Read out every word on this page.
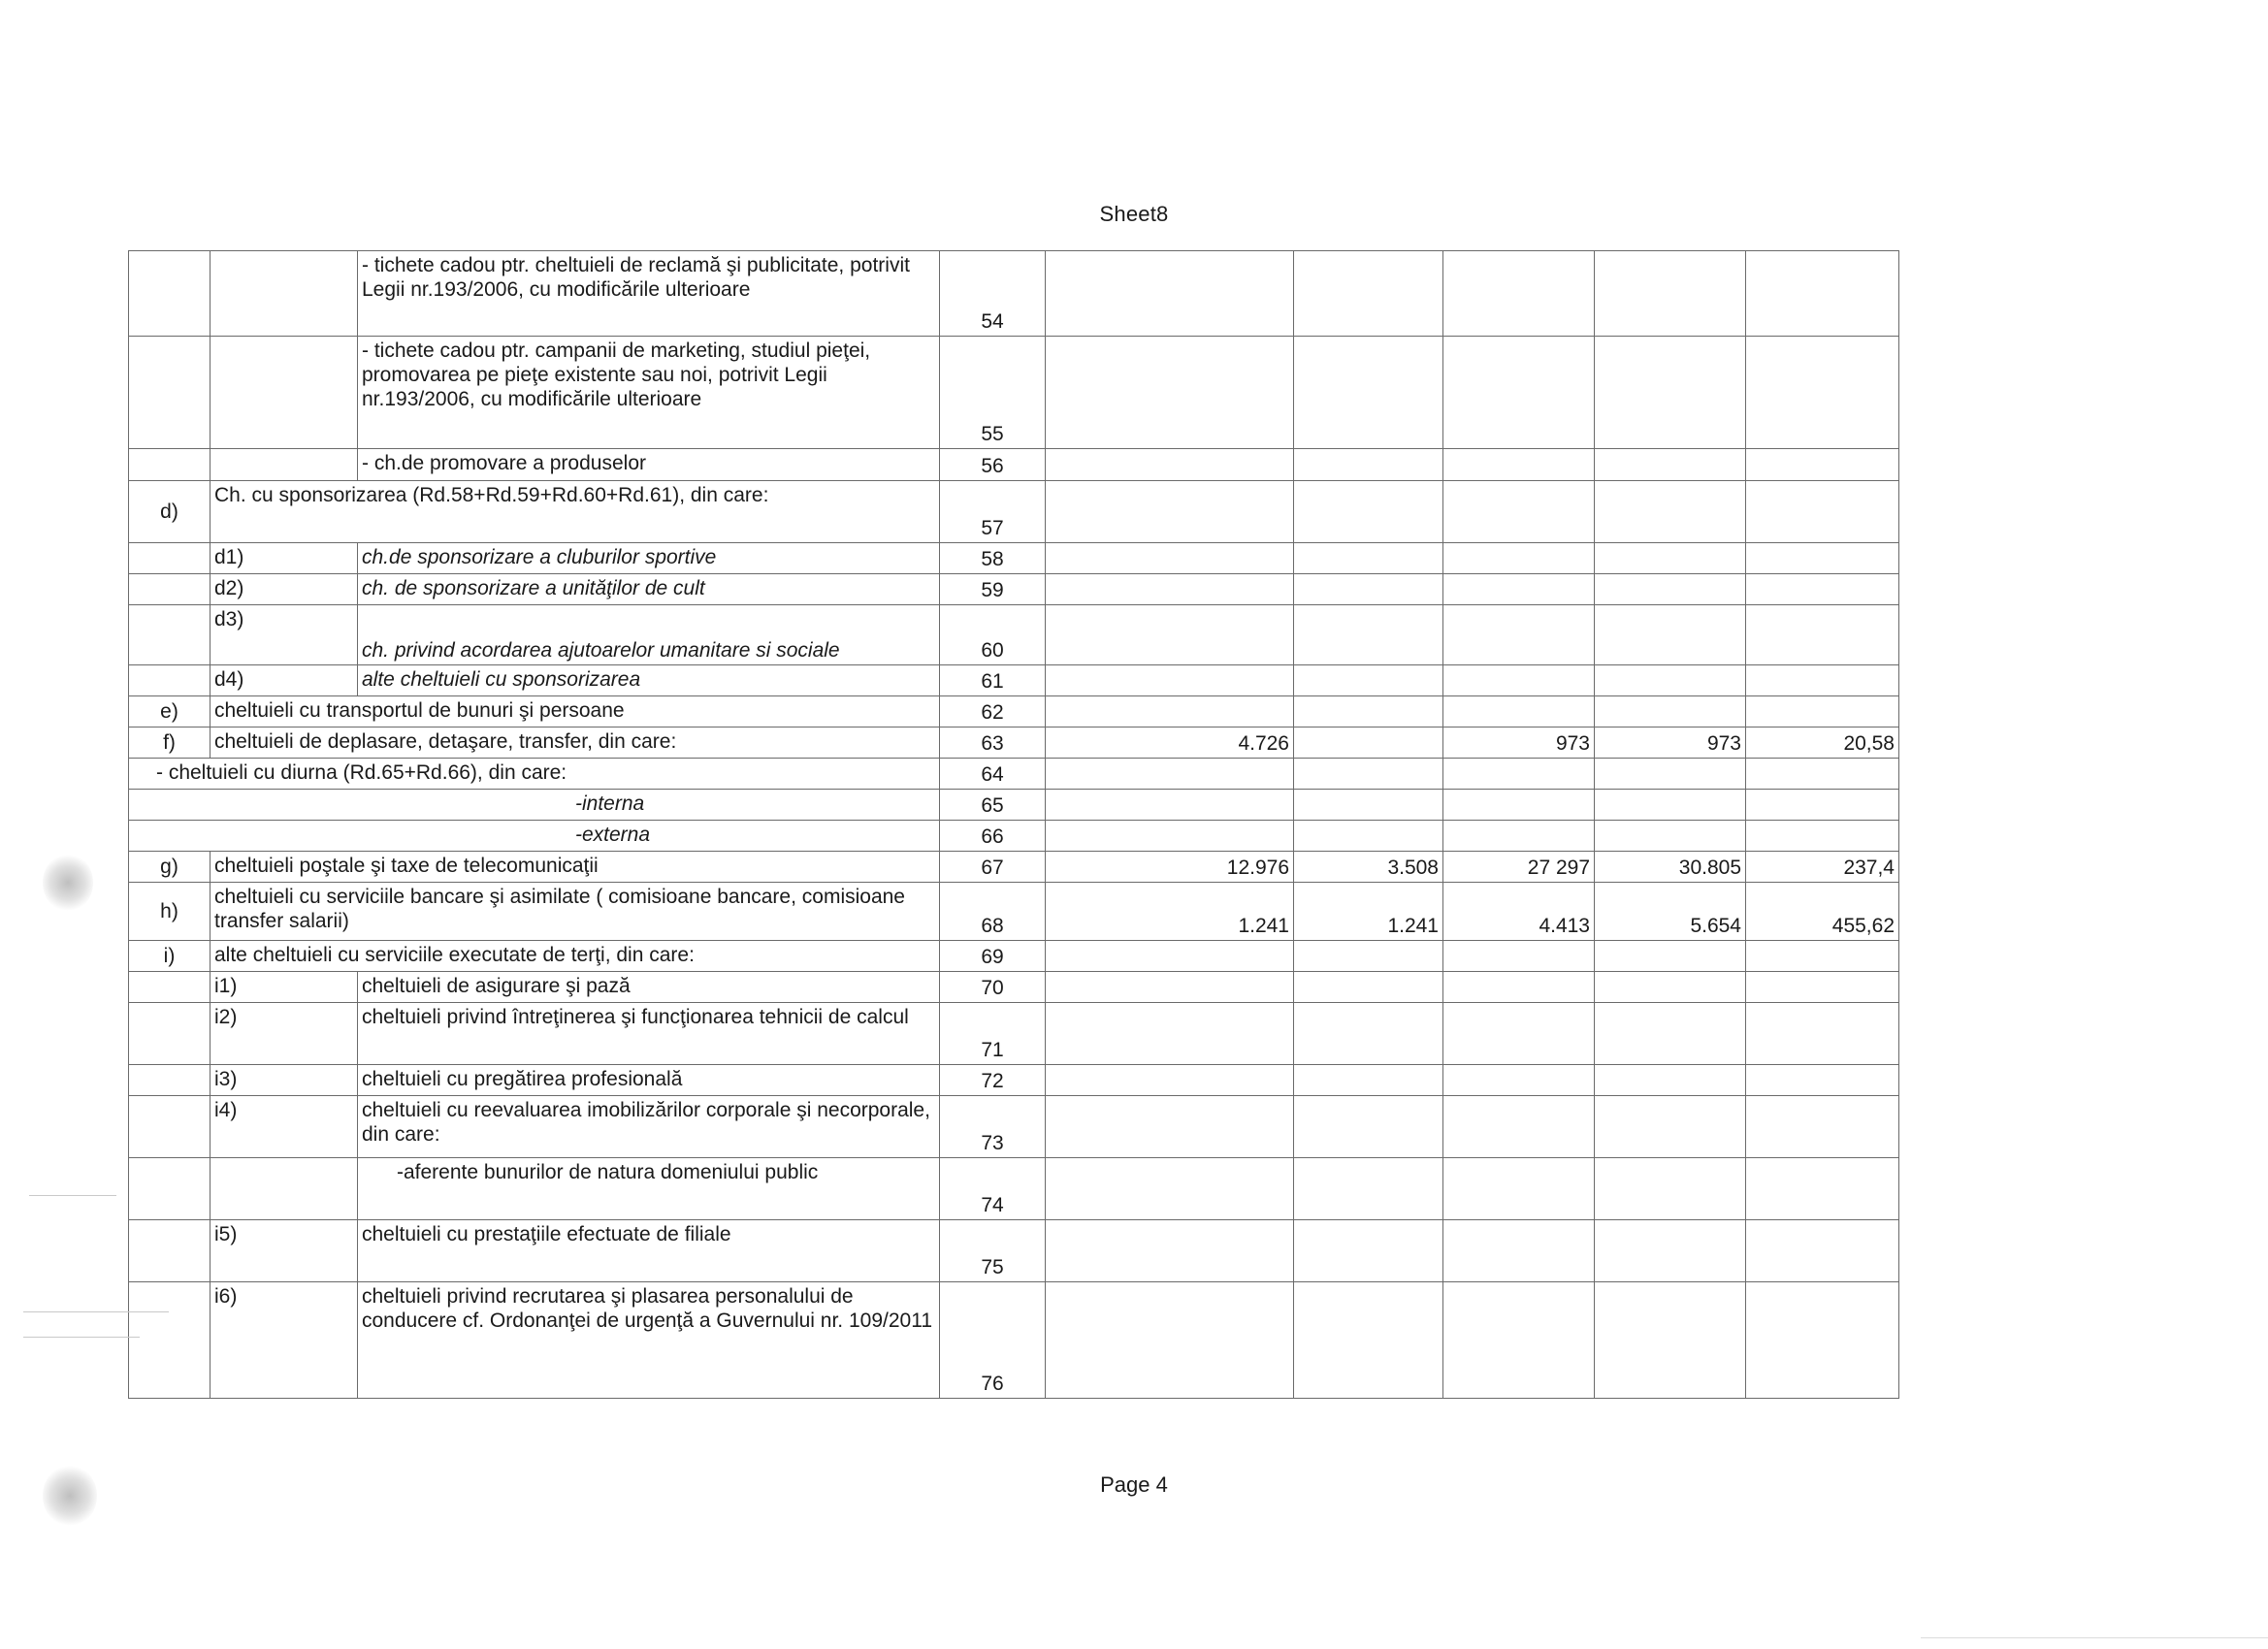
Sheet8
		- tichete cadou ptr. cheltuieli de reclamă şi publicitate, potrivit Legii nr.193/2006, cu modificările ulterioare	54					
		- tichete cadou ptr. campanii de marketing, studiul pieţei, promovarea pe pieţe existente sau noi, potrivit Legii nr.193/2006, cu modificările ulterioare	55					
		- ch.de promovare a produselor	56					
d)	Ch. cu sponsorizarea (Rd.58+Rd.59+Rd.60+Rd.61), din care:		57					
	d1)	ch.de sponsorizare a cluburilor sportive	58					
	d2)	ch. de sponsorizare a unităţilor de cult	59					
	d3)	ch. privind acordarea ajutoarelor umanitare si sociale	60					
	d4)	alte cheltuieli cu sponsorizarea	61					
e)	cheltuieli cu transportul de bunuri şi persoane		62					
f)	cheltuieli de deplasare, detaşare, transfer, din care:		63	4.726		973	973	20,58
- cheltuieli cu diurna (Rd.65+Rd.66), din care:			64					
-interna			65					
-externa			66					
g)	cheltuieli poştale şi taxe de telecomunicaţii		67	12.976	3.508	27 297	30.805	237,4
h)	cheltuieli cu serviciile bancare şi asimilate ( comisioane bancare, comisioane transfer salarii)		68	1.241	1.241	4.413	5.654	455,62
i)	alte cheltuieli cu serviciile executate de terţi, din care:		69					
	i1)	cheltuieli de asigurare şi pază	70					
	i2)	cheltuieli privind întreţinerea şi funcţionarea tehnicii de calcul	71					
	i3)	cheltuieli cu pregătirea profesională	72					
	i4)	cheltuieli cu reevaluarea imobilizărilor corporale şi necorporale, din care:	73					
		-aferente bunurilor de natura domeniului public	74					
	i5)	cheltuieli cu prestaţiile efectuate de filiale	75					
	i6)	cheltuieli privind recrutarea şi plasarea personalului de conducere cf. Ordonanţei de urgenţă a Guvernului nr. 109/2011	76					
Page 4
